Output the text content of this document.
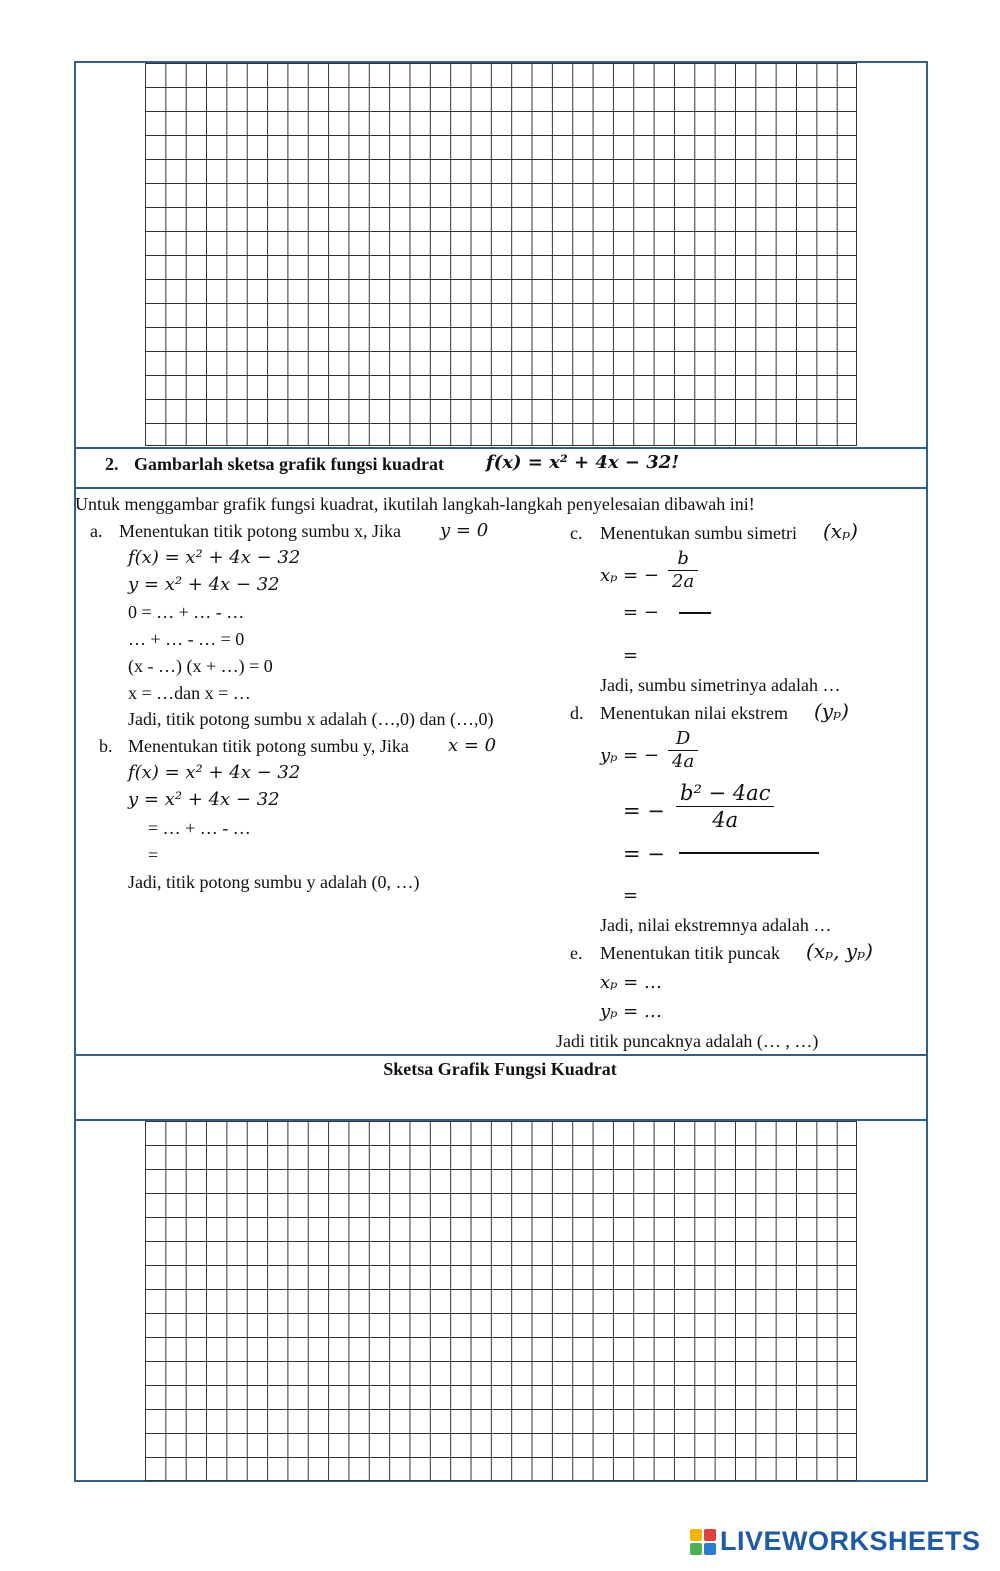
2. Gambarlah sketsa grafik fungsi kuadrat f(x) = x² + 4x − 32!
Untuk menggambar grafik fungsi kuadrat, ikutilah langkah-langkah penyelesaian dibawah ini!
a. Menentukan titik potong sumbu x, Jika y = 0
f(x) = x² + 4x − 32
y = x² + 4x − 32
0 = … + … - …
… + … - … = 0
(x - …) (x + …) = 0
x = …dan x = …
Jadi, titik potong sumbu x adalah (…,0) dan (…,0)
b. Menentukan titik potong sumbu y, Jika x = 0
f(x) = x² + 4x − 32
y = x² + 4x − 32
= … + … - …
=
Jadi, titik potong sumbu y adalah (0, …)
c. Menentukan sumbu simetri (xₚ)
xₚ = −
b
2a
= −
=
Jadi, sumbu simetrinya adalah …
d. Menentukan nilai ekstrem (yₚ)
yₚ = −
D
4a
= −
b² − 4ac
4a
= −
=
Jadi, nilai ekstremnya adalah …
e. Menentukan titik puncak (xₚ, yₚ)
xₚ = …
yₚ = …
Jadi titik puncaknya adalah (… , …)
Sketsa Grafik Fungsi Kuadrat
LIVEWORKSHEETS
